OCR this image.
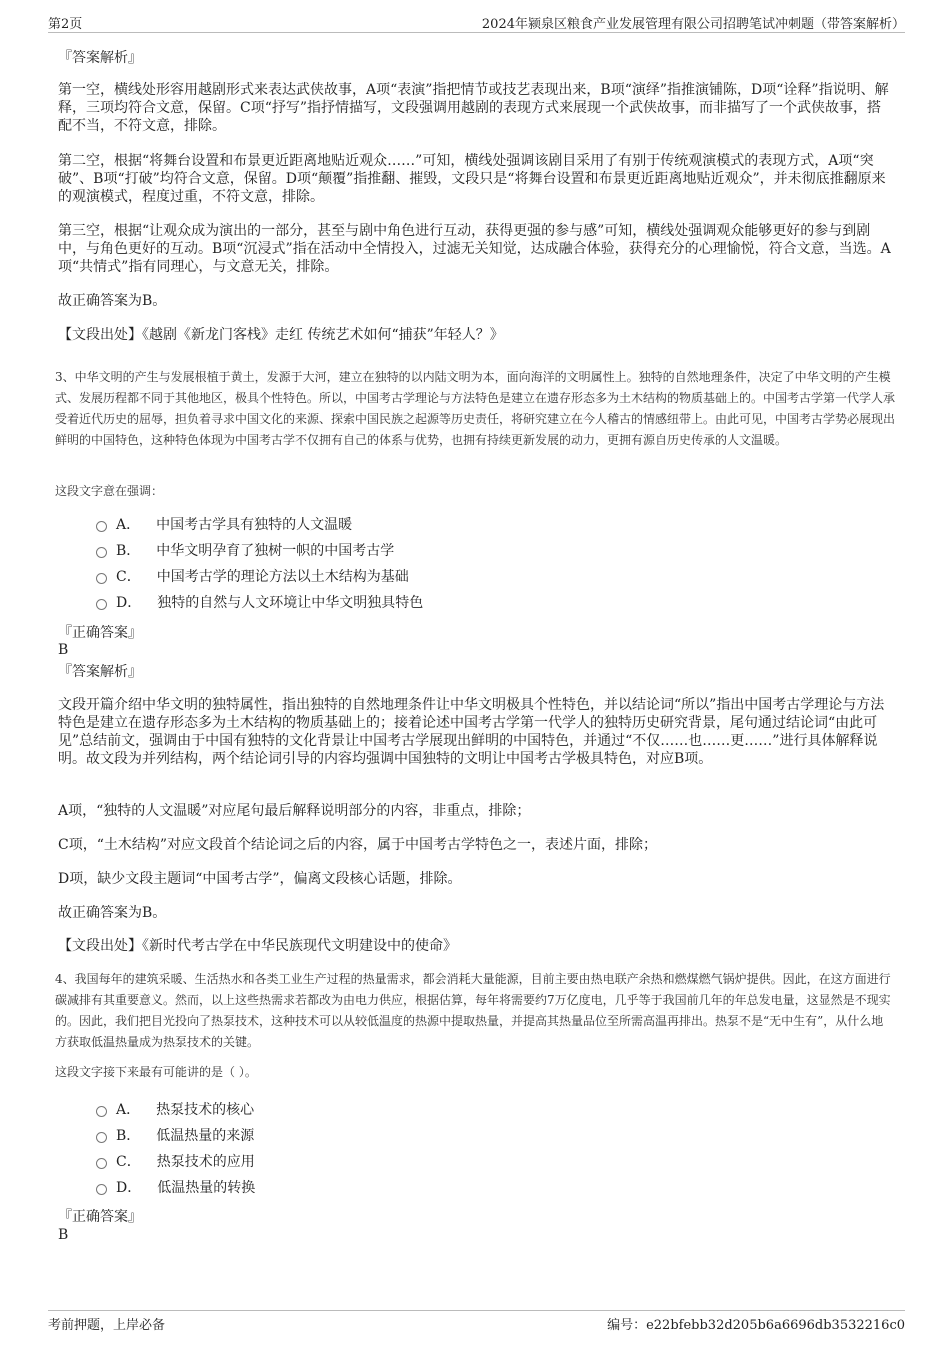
第2页	2024年颍泉区粮食产业发展管理有限公司招聘笔试冲刺题（带答案解析）

『答案解析』

第一空，横线处形容用越剧形式来表达武侠故事，A项“表演”指把情节或技艺表现出来，B项“演绎”指推演铺陈，D项“诠释”指说明、解释，三项均符合文意，保留。C项“抒写”指抒情描写，文段强调用越剧的表现方式来展现一个武侠故事，而非描写了一个武侠故事，搭配不当，不符文意，排除。

第二空，根据“将舞台设置和布景更近距离地贴近观众……”可知，横线处强调该剧目采用了有别于传统观演模式的表现方式，A项“突破”、B项“打破”均符合文意，保留。D项“颠覆”指推翻、摧毁，文段只是“将舞台设置和布景更近距离地贴近观众”，并未彻底推翻原来的观演模式，程度过重，不符文意，排除。

第三空，根据“让观众成为演出的一部分，甚至与剧中角色进行互动，获得更强的参与感”可知，横线处强调观众能够更好的参与到剧中，与角色更好的互动。B项“沉浸式”指在活动中全情投入，过滤无关知觉，达成融合体验，获得充分的心理愉悦，符合文意，当选。A项“共情式”指有同理心，与文意无关，排除。

故正确答案为B。

【文段出处】《越剧《新龙门客栈》走红 传统艺术如何“捕获”年轻人？》

3、中华文明的产生与发展根植于黄土，发源于大河，建立在独特的以内陆文明为本，面向海洋的文明属性上。独特的自然地理条件，决定了中华文明的产生模式、发展历程都不同于其他地区，极具个性特色。所以，中国考古学理论与方法特色是建立在遗存形态多为土木结构的物质基础上的。中国考古学第一代学人承受着近代历史的屈辱，担负着寻求中国文化的来源、探索中国民族之起源等历史责任，将研究建立在今人稽古的情感纽带上。由此可见，中国考古学势必展现出鲜明的中国特色，这种特色体现为中国考古学不仅拥有自己的体系与优势，也拥有持续更新发展的动力，更拥有源自历史传承的人文温暖。

这段文字意在强调：

A． 中国考古学具有独特的人文温暖
B． 中华文明孕育了独树一帜的中国考古学
C． 中国考古学的理论方法以土木结构为基础
D． 独特的自然与人文环境让中华文明独具特色

『正确答案』

B

『答案解析』

文段开篇介绍中华文明的独特属性，指出独特的自然地理条件让中华文明极具个性特色，并以结论词“所以”指出中国考古学理论与方法特色是建立在遗存形态多为土木结构的物质基础上的；接着论述中国考古学第一代学人的独特历史研究背景，尾句通过结论词“由此可见”总结前文，强调由于中国有独特的文化背景让中国考古学展现出鲜明的中国特色，并通过“不仅……也……更……”进行具体解释说明。故文段为并列结构，两个结论词引导的内容均强调中国独特的文明让中国考古学极具特色，对应B项。

A项，“独特的人文温暖”对应尾句最后解释说明部分的内容，非重点，排除；

C项，“土木结构”对应文段首个结论词之后的内容，属于中国考古学特色之一，表述片面，排除；

D项，缺少文段主题词“中国考古学”，偏离文段核心话题，排除。

故正确答案为B。

【文段出处】《新时代考古学在中华民族现代文明建设中的使命》

4、我国每年的建筑采暖、生活热水和各类工业生产过程的热量需求，都会消耗大量能源，目前主要由热电联产余热和燃煤燃气锅炉提供。因此，在这方面进行碳减排有其重要意义。然而，以上这些热需求若都改为由电力供应，根据估算，每年将需要约7万亿度电，几乎等于我国前几年的年总发电量，这显然是不现实的。因此，我们把目光投向了热泵技术，这种技术可以从较低温度的热源中提取热量，并提高其热量品位至所需高温再排出。热泵不是“无中生有”，从什么地方获取低温热量成为热泵技术的关键。

这段文字接下来最有可能讲的是（ ）。

A． 热泵技术的核心
B． 低温热量的来源
C． 热泵技术的应用
D． 低温热量的转换

『正确答案』

B

考前押题，上岸必备	编号：e22bfebb32d205b6a6696db3532216c0
